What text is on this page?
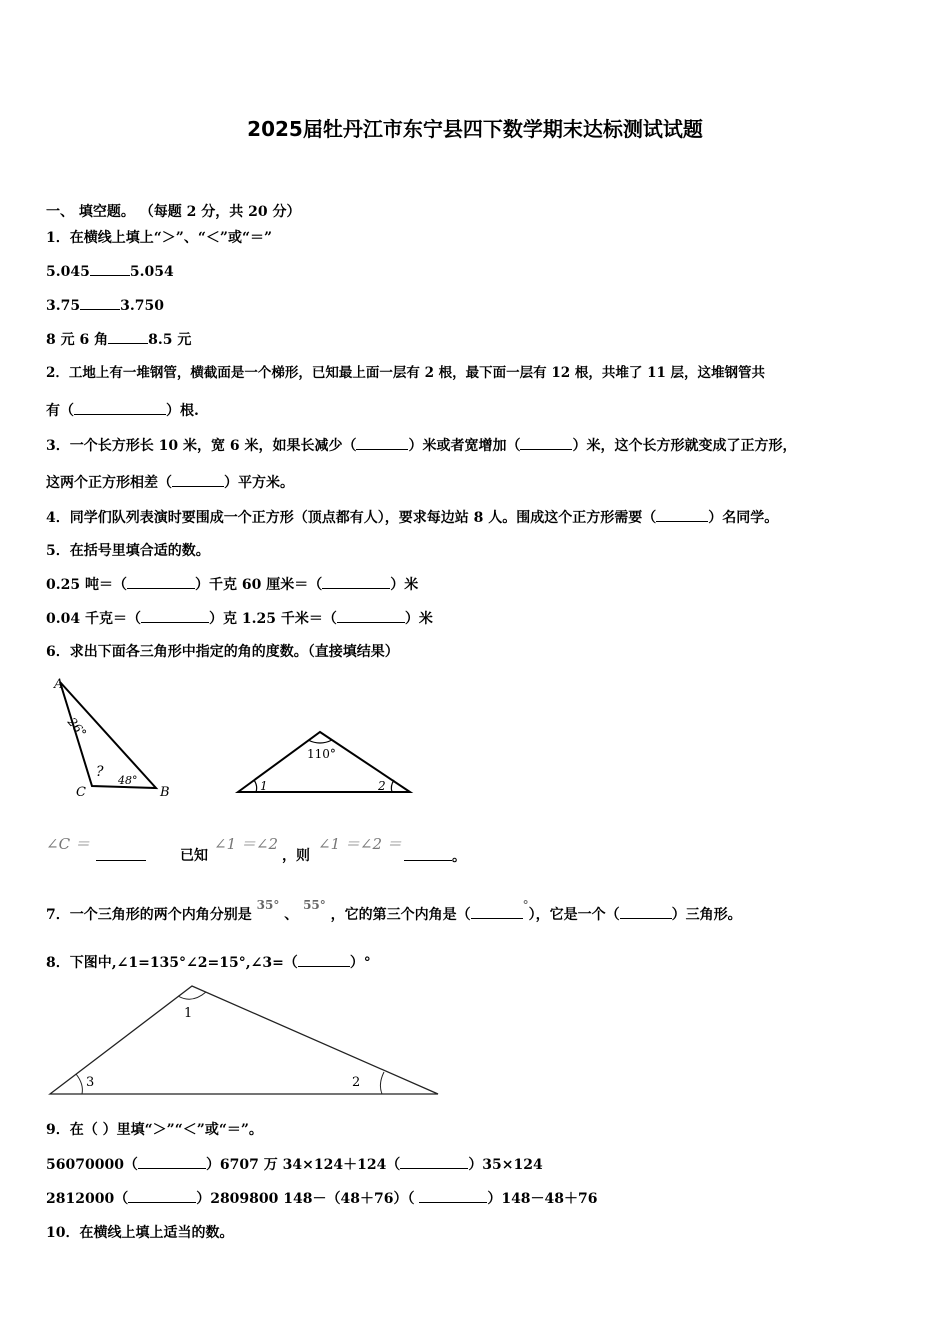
2025届牡丹江市东宁县四下数学期末达标测试试题
一、 填空题。 （每题 2 分，共 20 分）
1．在横线上填上“＞”、“＜”或“＝”
5.045	5.054
3.75	3.750
8 元 6 角	8.5 元
2．工地上有一堆钢管，横截面是一个梯形，已知最上面一层有 2 根，最下面一层有 12 根，共堆了 11 层，这堆钢管共
有（	）根.
3．一个长方形长 10 米，宽 6 米，如果长减少（	）米或者宽增加（	）米，这个长方形就变成了正方形，
这两个正方形相差（	）平方米。
4．同学们队列表演时要围成一个正方形（顶点都有人），要求每边站 8 人。围成这个正方形需要（	）名同学。
5．在括号里填合适的数。
0.25 吨＝（	）千克 60 厘米＝（	）米
0.04 千克＝（	）克 1.25 千米＝（	）米
6．求出下面各三角形中指定的角的度数。（直接填结果）
A
B
C
26°
48°
?
110°
1	2
∠C ＝
已知
∠1 ＝∠2
，则
∠1 ＝∠2 ＝
。
7．一个三角形的两个内角分别是 35° 、 55° ，它的第三个内角是（°），它是一个（	）三角形。
8．下图中,∠1=135°∠2=15°,∠3=（	）°
1
3	2
9．在（ ）里填“＞”“＜”或“＝”。
56070000（	）6707 万 34×124＋124（	）35×124
2812000（	）2809800 148－（48＋76）（	）148－48＋76
10．在横线上填上适当的数。
